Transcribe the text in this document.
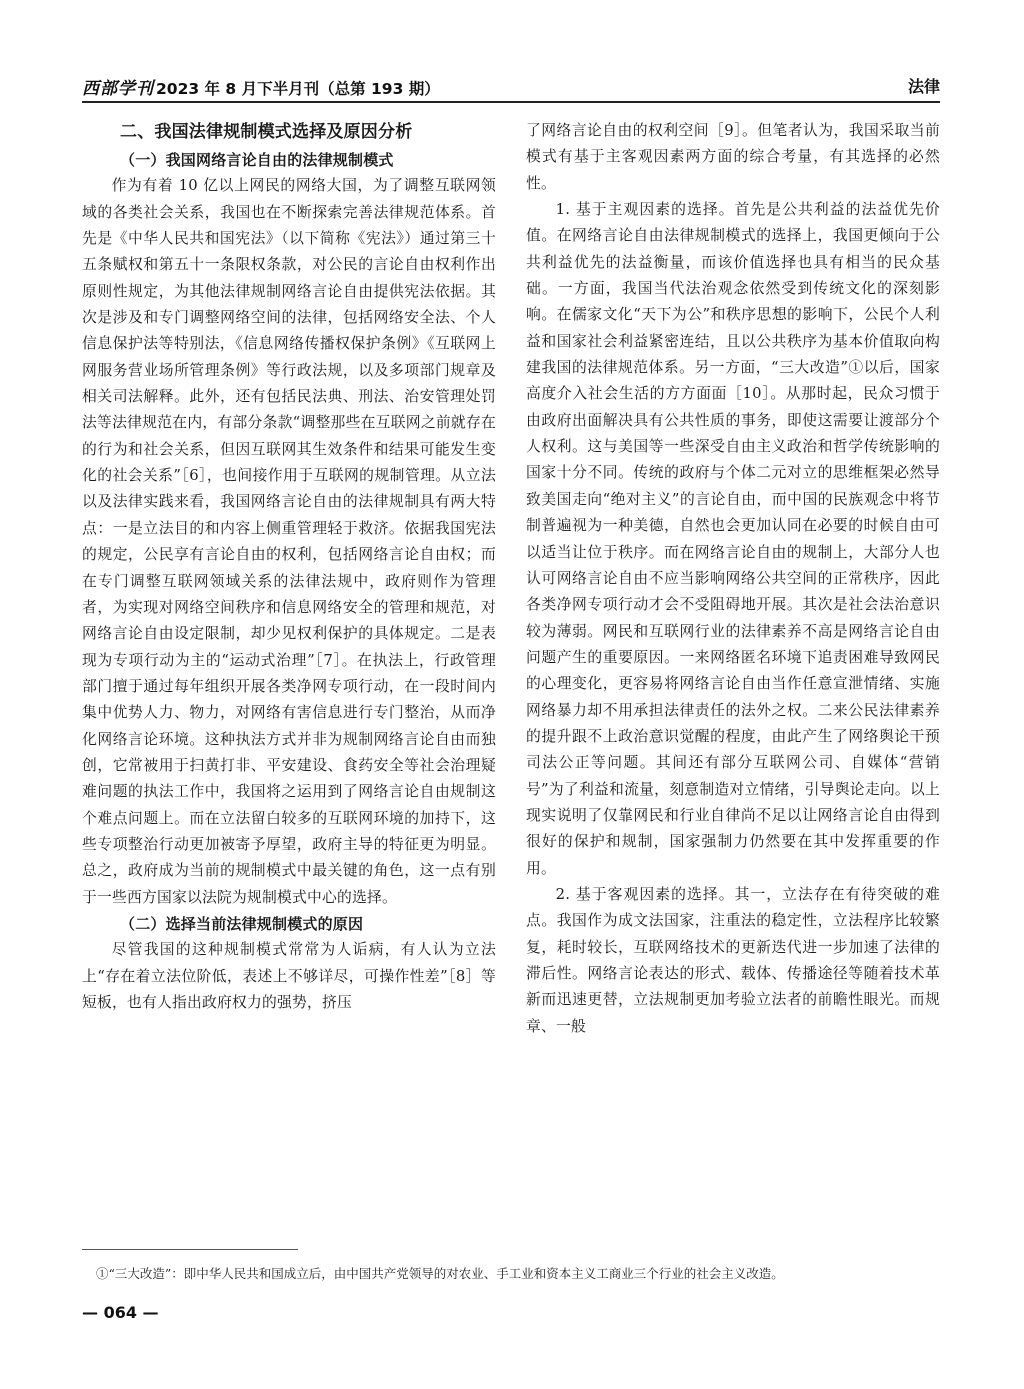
西部学刊 2023 年 8 月下半月刊（总第 193 期）	法律
二、我国法律规制模式选择及原因分析
（一）我国网络言论自由的法律规制模式

作为有着 10 亿以上网民的网络大国，为了调整互联网领域的各类社会关系，我国也在不断探索完善法律规范体系。首先是《中华人民共和国宪法》（以下简称《宪法》）通过第三十五条赋权和第五十一条限权条款，对公民的言论自由权利作出原则性规定，为其他法律规制网络言论自由提供宪法依据。其次是涉及和专门调整网络空间的法律，包括网络安全法、个人信息保护法等特别法，《信息网络传播权保护条例》《互联网上网服务营业场所管理条例》等行政法规，以及多项部门规章及相关司法解释。此外，还有包括民法典、刑法、治安管理处罚法等法律规范在内，有部分条款“调整那些在互联网之前就存在的行为和社会关系，但因互联网其生效条件和结果可能发生变化的社会关系”［6］，也间接作用于互联网的规制管理。从立法以及法律实践来看，我国网络言论自由的法律规制具有两大特点：一是立法目的和内容上侧重管理轻于救济。依据我国宪法的规定，公民享有言论自由的权利，包括网络言论自由权；而在专门调整互联网领域关系的法律法规中，政府则作为管理者，为实现对网络空间秩序和信息网络安全的管理和规范，对网络言论自由设定限制，却少见权利保护的具体规定。二是表现为专项行动为主的“运动式治理”［7］。在执法上，行政管理部门擅于通过每年组织开展各类净网专项行动，在一段时间内集中优势人力、物力，对网络有害信息进行专门整治，从而净化网络言论环境。这种执法方式并非为规制网络言论自由而独创，它常被用于扫黄打非、平安建设、食药安全等社会治理疑难问题的执法工作中，我国将之运用到了网络言论自由规制这个难点问题上。而在立法留白较多的互联网环境的加持下，这些专项整治行动更加被寄予厚望，政府主导的特征更为明显。总之，政府成为当前的规制模式中最关键的角色，这一点有别于一些西方国家以法院为规制模式中心的选择。

（二）选择当前法律规制模式的原因

尽管我国的这种规制模式常常为人诟病，有人认为立法上“存在着立法位阶低，表述上不够详尽，可操作性差”［8］等短板，也有人指出政府权力的强势，挤压

了网络言论自由的权利空间［9］。但笔者认为，我国采取当前模式有基于主客观因素两方面的综合考量，有其选择的必然性。

1. 基于主观因素的选择。首先是公共利益的法益优先价值。在网络言论自由法律规制模式的选择上，我国更倾向于公共利益优先的法益衡量，而该价值选择也具有相当的民众基础。一方面，我国当代法治观念依然受到传统文化的深刻影响。在儒家文化“天下为公”和秩序思想的影响下，公民个人利益和国家社会利益紧密连结，且以公共秩序为基本价值取向构建我国的法律规范体系。另一方面，“三大改造”①以后，国家高度介入社会生活的方方面面［10］。从那时起，民众习惯于由政府出面解决具有公共性质的事务，即使这需要让渡部分个人权利。这与美国等一些深受自由主义政治和哲学传统影响的国家十分不同。传统的政府与个体二元对立的思维框架必然导致美国走向“绝对主义”的言论自由，而中国的民族观念中将节制普遍视为一种美德，自然也会更加认同在必要的时候自由可以适当让位于秩序。而在网络言论自由的规制上，大部分人也认可网络言论自由不应当影响网络公共空间的正常秩序，因此各类净网专项行动才会不受阻碍地开展。其次是社会法治意识较为薄弱。网民和互联网行业的法律素养不高是网络言论自由问题产生的重要原因。一来网络匿名环境下追责困难导致网民的心理变化，更容易将网络言论自由当作任意宣泄情绪、实施网络暴力却不用承担法律责任的法外之权。二来公民法律素养的提升跟不上政治意识觉醒的程度，由此产生了网络舆论干预司法公正等问题。其间还有部分互联网公司、自媒体“营销号”为了利益和流量，刻意制造对立情绪，引导舆论走向。以上现实说明了仅靠网民和行业自律尚不足以让网络言论自由得到很好的保护和规制，国家强制力仍然要在其中发挥重要的作用。

2. 基于客观因素的选择。其一，立法存在有待突破的难点。我国作为成文法国家，注重法的稳定性，立法程序比较繁复，耗时较长，互联网络技术的更新迭代进一步加速了法律的滞后性。网络言论表达的形式、载体、传播途径等随着技术革新而迅速更替，立法规制更加考验立法者的前瞻性眼光。而规章、一般

①“三大改造”：即中华人民共和国成立后，由中国共产党领导的对农业、手工业和资本主义工商业三个行业的社会主义改造。
— 064 —
